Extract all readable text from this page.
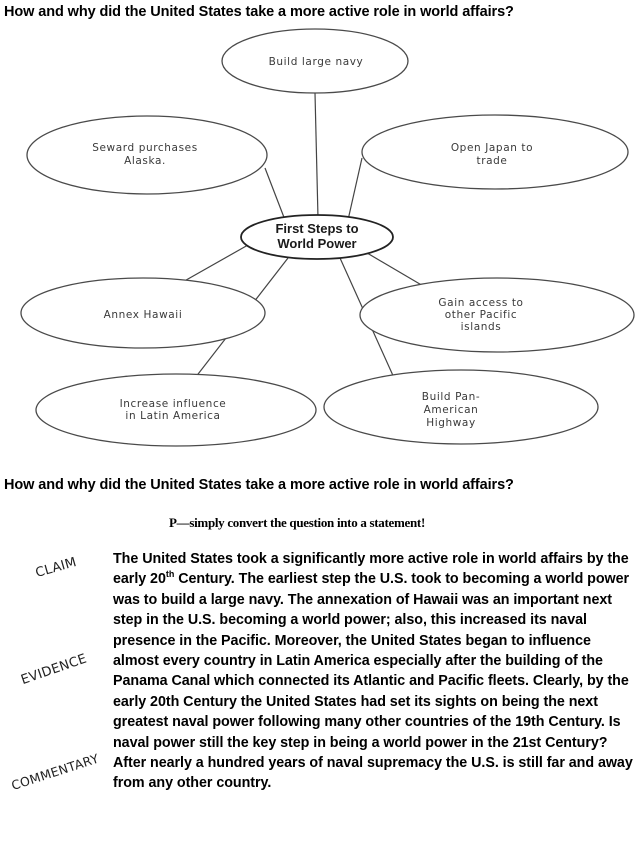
How and why did the United States take a more active role in world affairs?
Build large navy
Seward purchases Alaska.
Open Japan to trade
First Steps to World Power
Annex Hawaii
Gain access to other Pacific islands
Increase influence in Latin America
Build Pan-American Highway
How and why did the United States take a more active role in world affairs?
P—simply convert the question into a statement!
CLAIM
EVIDENCE
COMMENTARY
The United States took a significantly more active role in world affairs by the early 20th Century. The earliest step the U.S. took to becoming a world power was to build a large navy. The annexation of Hawaii was an important next step in the U.S. becoming a world power; also, this increased its naval presence in the Pacific. Moreover, the United States began to influence almost every country in Latin America especially after the building of the Panama Canal which connected its Atlantic and Pacific fleets. Clearly, by the early 20th Century the United States had set its sights on being the next greatest naval power following many other countries of the 19th Century. Is naval power still the key step in being a world power in the 21st Century? After nearly a hundred years of naval supremacy the U.S. is still far and away from any other country.
